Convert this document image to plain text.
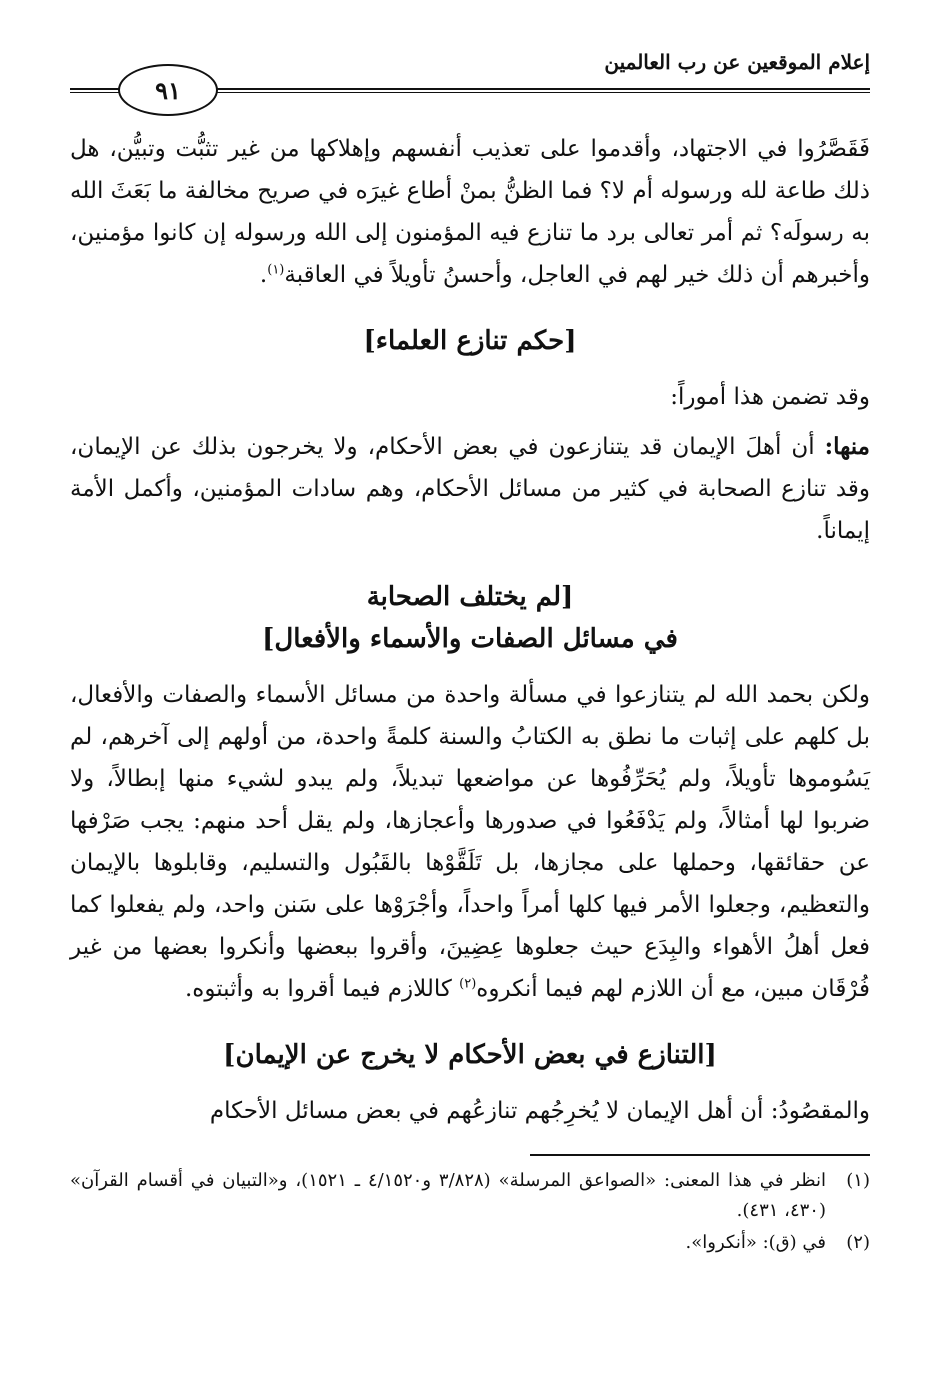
إعلام الموقعين عن رب العالمين
٩١

فَقَصَّرُوا في الاجتهاد، وأقدموا على تعذيب أنفسهم وإهلاكها من غير تثبُّت وتبيُّن، هل ذلك طاعة لله ورسوله أم لا؟ فما الظنُّ بمنْ أطاع غيرَه في صريح مخالفة ما بَعَثَ الله به رسولَه؟ ثم أمر تعالى برد ما تنازع فيه المؤمنون إلى الله ورسوله إن كانوا مؤمنين، وأخبرهم أن ذلك خير لهم في العاجل، وأحسنُ تأويلاً في العاقبة$^{(١)}$.

[حكم تنازع العلماء]

وقد تضمن هذا أموراً:

منها: أن أهلَ الإيمان قد يتنازعون في بعض الأحكام، ولا يخرجون بذلك عن الإيمان، وقد تنازع الصحابة في كثير من مسائل الأحكام، وهم سادات المؤمنين، وأكمل الأمة إيماناً.

[لم يختلف الصحابة
في مسائل الصفات والأسماء والأفعال]

ولكن بحمد الله لم يتنازعوا في مسألة واحدة من مسائل الأسماء والصفات والأفعال، بل كلهم على إثبات ما نطق به الكتابُ والسنة كلمةً واحدة، من أولهم إلى آخرهم، لم يَسُوموها تأويلاً، ولم يُحَرِّفُوها عن مواضعها تبديلاً، ولم يبدو لشيء منها إبطالاً، ولا ضربوا لها أمثالاً، ولم يَدْفَعُوا في صدورها وأعجازها، ولم يقل أحد منهم: يجب صَرْفها عن حقائقها، وحملها على مجازها، بل تَلَقَّوْها بالقَبُول والتسليم، وقابلوها بالإيمان والتعظيم، وجعلوا الأمر فيها كلها أمراً واحداً، وأجْرَوْها على سَنن واحد، ولم يفعلوا كما فعل أهلُ الأهواء والبِدَع حيث جعلوها عِضِينَ، وأقروا ببعضها وأنكروا بعضها من غير فُرْقَان مبين، مع أن اللازم لهم فيما أنكروه$^{(٢)}$ كاللازم فيما أقروا به وأثبتوه.

[التنازع في بعض الأحكام لا يخرج عن الإيمان]

والمقصُودُ: أن أهل الإيمان لا يُخرِجُهم تنازعُهم في بعض مسائل الأحكام

(١)
انظر في هذا المعنى: «الصواعق المرسلة» (٣/٨٢٨ و٤/١٥٢٠ ـ ١٥٢١)، و«التبيان في أقسام القرآن» (٤٣٠، ٤٣١).
(٢)
في (ق): «أنكروا».
